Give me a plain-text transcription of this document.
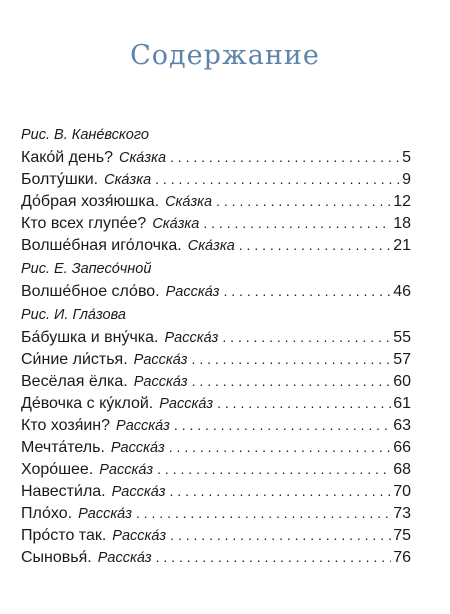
Содержание
Рис. В. Кане́вского
Како́й день? Ска́зка . . .	5
Болту́шки. Ска́зка . . .	9
До́брая хозя́юшка. Ска́зка . . .	12
Кто всех глупе́е? Ска́зка . . .	18
Волше́бная иго́лочка. Ска́зка . . .	21
Рис. Е. Запесо́чной
Волше́бное сло́во. Расска́з . . .	46
Рис. И. Гла́зова
Ба́бушка и вну́чка. Расска́з . . .	55
Си́ние ли́стья. Расска́з . . .	57
Весёлая ёлка. Расска́з . . .	60
Де́вочка с ку́клой. Расска́з . . .	61
Кто хозя́ин? Расска́з . . .	63
Мечта́тель. Расска́з . . .	66
Хоро́шее. Расска́з . . .	68
Навести́ла. Расска́з . . .	70
Пло́хо. Расска́з . . .	73
Про́сто так. Расска́з . . .	75
Сыновья́. Расска́з . . .	76
